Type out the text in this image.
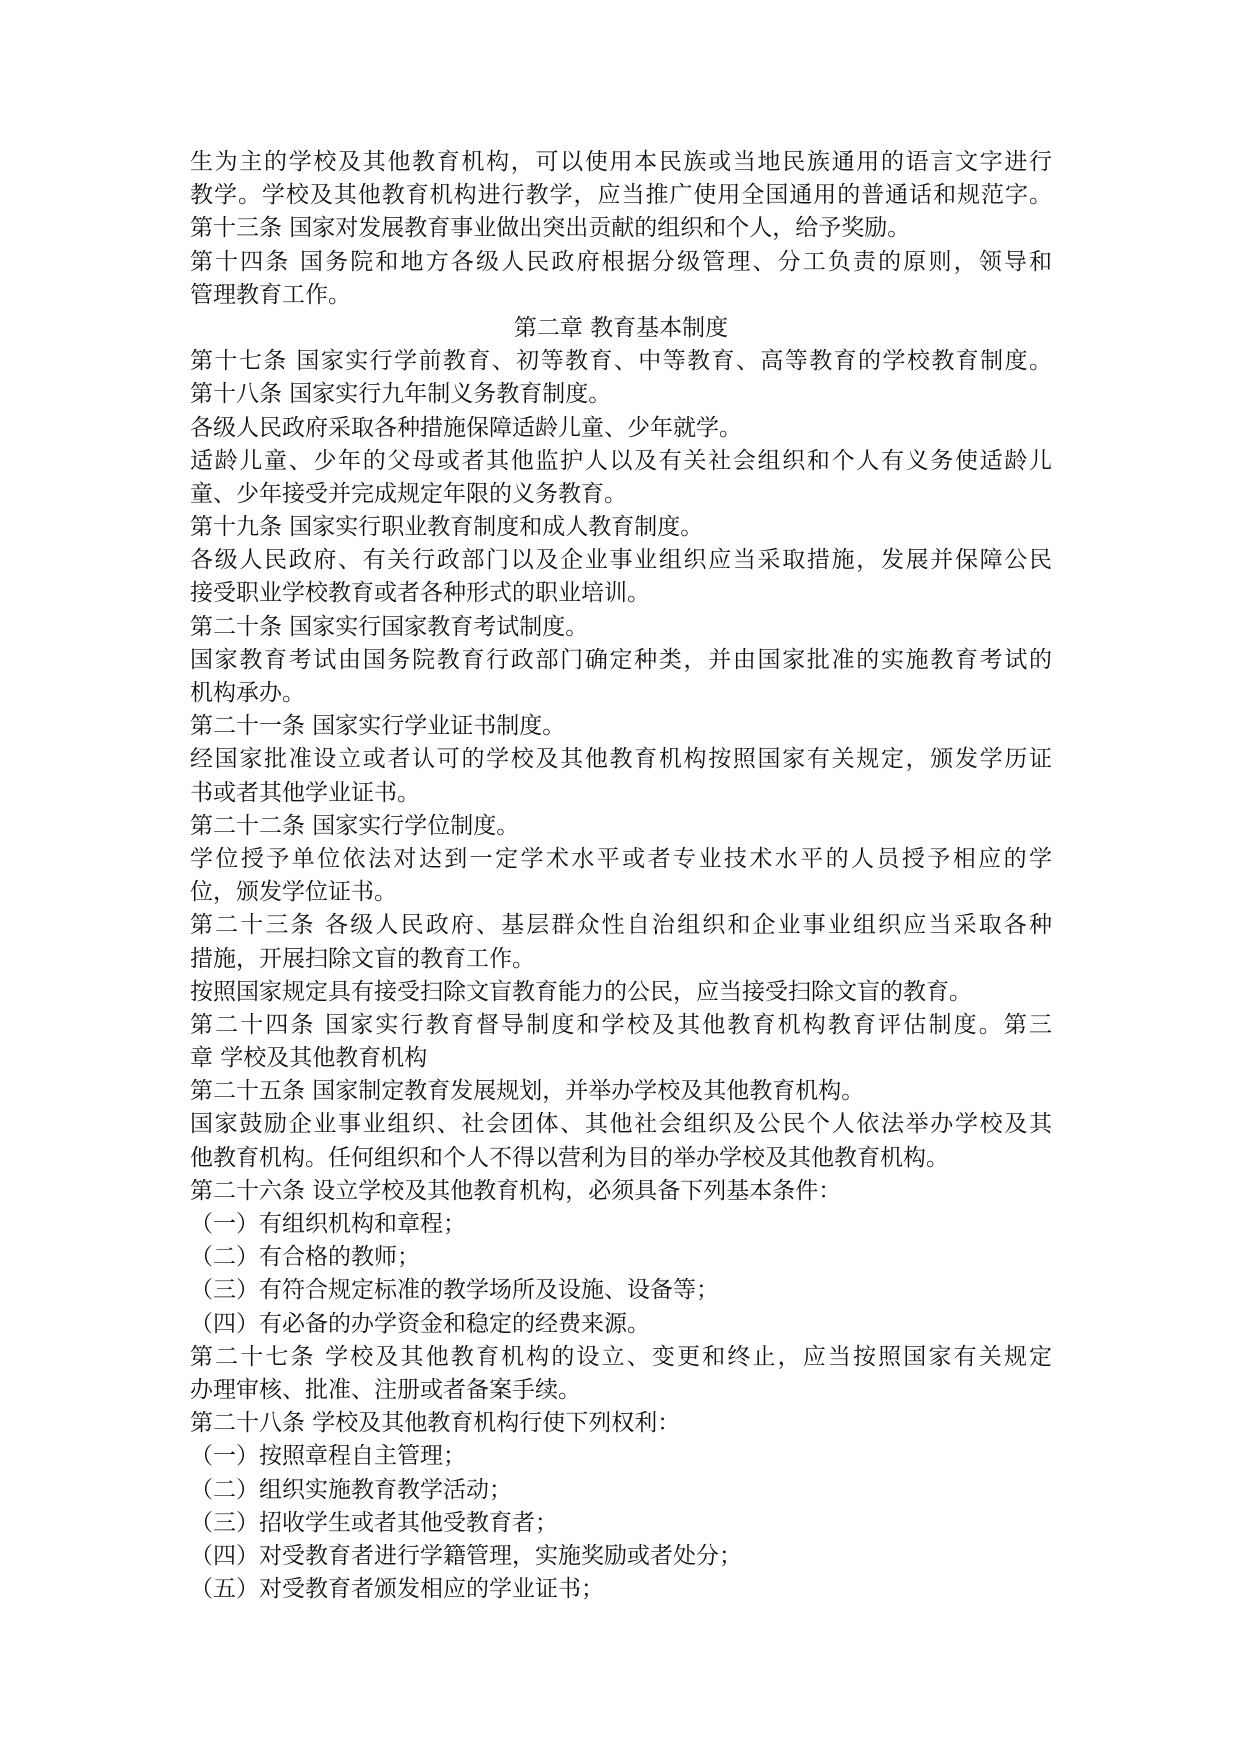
生为主的学校及其他教育机构，可以使用本民族或当地民族通用的语言文字进行
教学。学校及其他教育机构进行教学，应当推广使用全国通用的普通话和规范字。
第十三条 国家对发展教育事业做出突出贡献的组织和个人，给予奖励。
第十四条 国务院和地方各级人民政府根据分级管理、分工负责的原则，领导和
管理教育工作。
第二章 教育基本制度
第十七条 国家实行学前教育、初等教育、中等教育、高等教育的学校教育制度。
第十八条 国家实行九年制义务教育制度。
各级人民政府采取各种措施保障适龄儿童、少年就学。
适龄儿童、少年的父母或者其他监护人以及有关社会组织和个人有义务使适龄儿
童、少年接受并完成规定年限的义务教育。
第十九条 国家实行职业教育制度和成人教育制度。
各级人民政府、有关行政部门以及企业事业组织应当采取措施，发展并保障公民
接受职业学校教育或者各种形式的职业培训。
第二十条 国家实行国家教育考试制度。
国家教育考试由国务院教育行政部门确定种类，并由国家批准的实施教育考试的
机构承办。
第二十一条 国家实行学业证书制度。
经国家批准设立或者认可的学校及其他教育机构按照国家有关规定，颁发学历证
书或者其他学业证书。
第二十二条 国家实行学位制度。
学位授予单位依法对达到一定学术水平或者专业技术水平的人员授予相应的学
位，颁发学位证书。
第二十三条 各级人民政府、基层群众性自治组织和企业事业组织应当采取各种
措施，开展扫除文盲的教育工作。
按照国家规定具有接受扫除文盲教育能力的公民，应当接受扫除文盲的教育。
第二十四条 国家实行教育督导制度和学校及其他教育机构教育评估制度。第三
章 学校及其他教育机构
第二十五条 国家制定教育发展规划，并举办学校及其他教育机构。
国家鼓励企业事业组织、社会团体、其他社会组织及公民个人依法举办学校及其
他教育机构。任何组织和个人不得以营利为目的举办学校及其他教育机构。
第二十六条 设立学校及其他教育机构，必须具备下列基本条件：
（一）有组织机构和章程；
（二）有合格的教师；
（三）有符合规定标准的教学场所及设施、设备等；
（四）有必备的办学资金和稳定的经费来源。
第二十七条 学校及其他教育机构的设立、变更和终止，应当按照国家有关规定
办理审核、批准、注册或者备案手续。
第二十八条 学校及其他教育机构行使下列权利：
（一）按照章程自主管理；
（二）组织实施教育教学活动；
（三）招收学生或者其他受教育者；
（四）对受教育者进行学籍管理，实施奖励或者处分；
（五）对受教育者颁发相应的学业证书；
